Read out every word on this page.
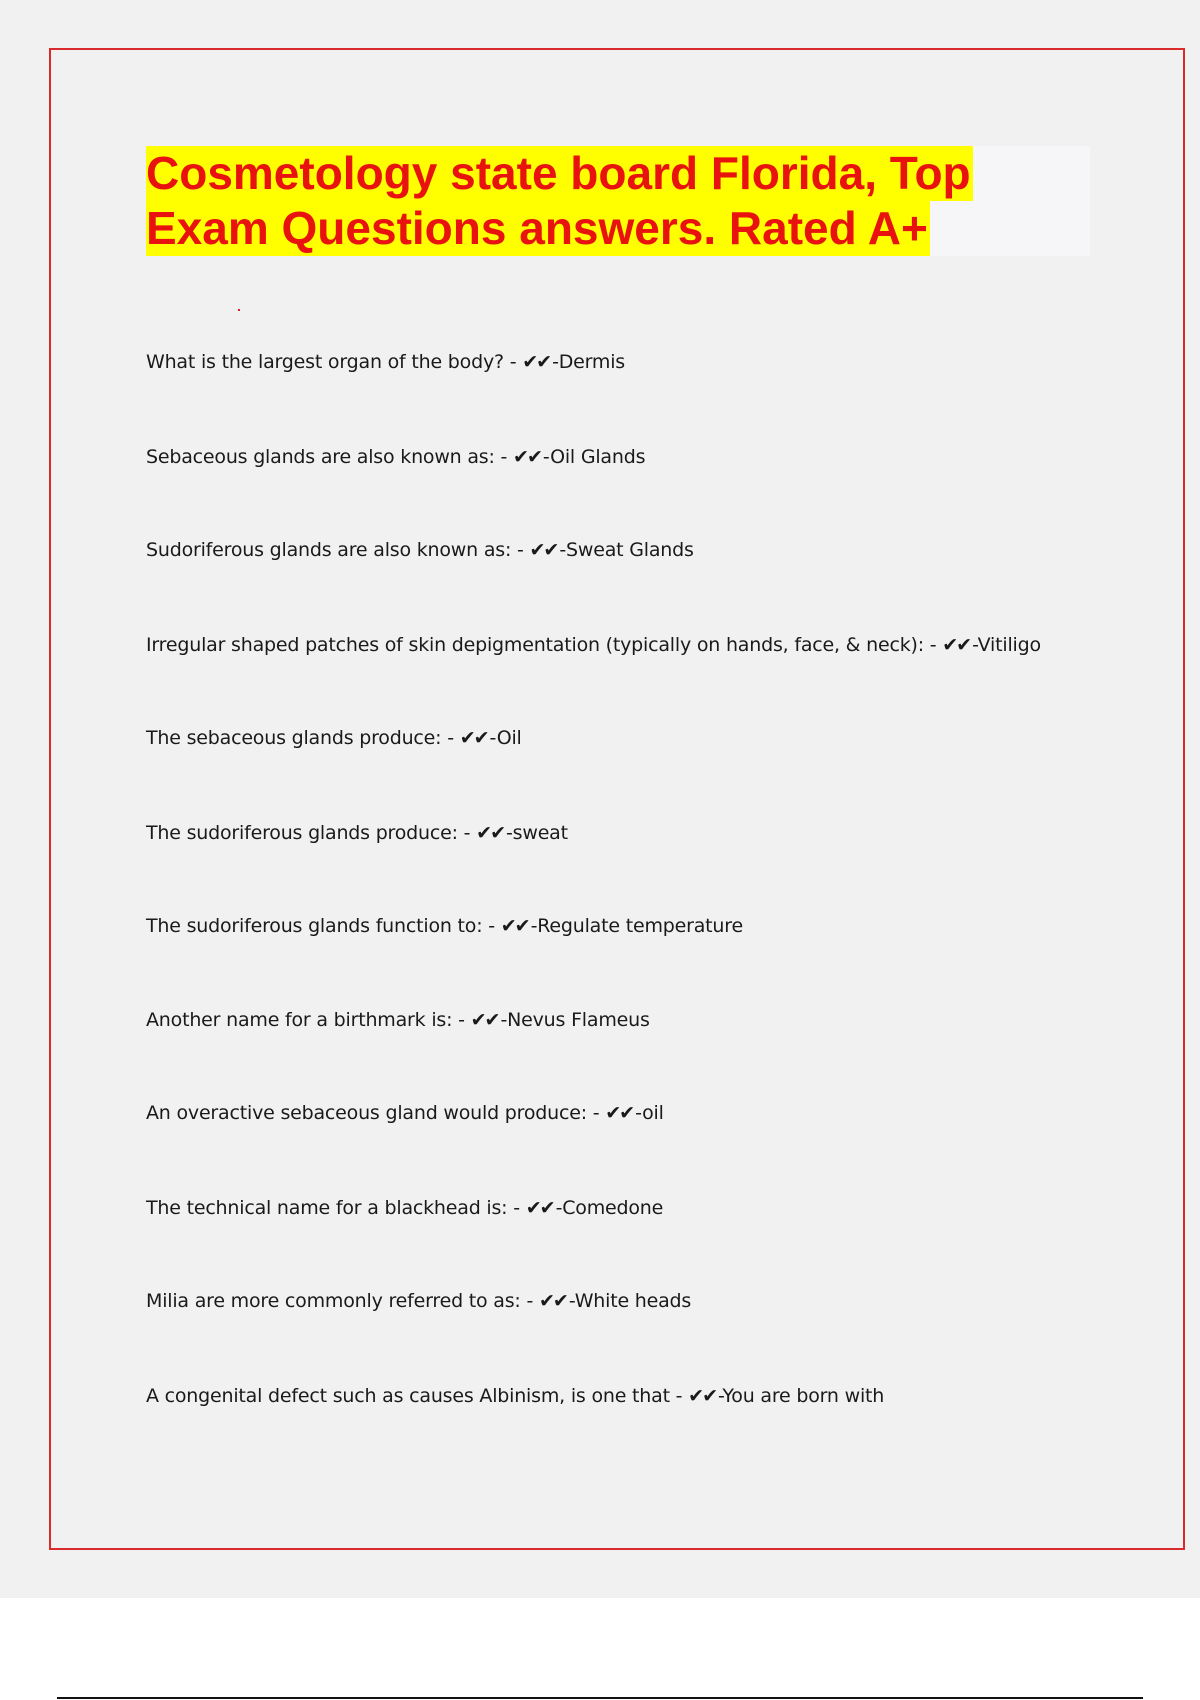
Cosmetology state board Florida, Top
Exam Questions answers. Rated A+

What is the largest organ of the body? - ✔✔ -Dermis

Sebaceous glands are also known as: - ✔✔ -Oil Glands

Sudoriferous glands are also known as: - ✔✔ -Sweat Glands

Irregular shaped patches of skin depigmentation (typically on hands, face, & neck): - ✔✔ -Vitiligo

The sebaceous glands produce: - ✔✔ -Oil

The sudoriferous glands produce: - ✔✔ -sweat

The sudoriferous glands function to: - ✔✔ -Regulate temperature

Another name for a birthmark is: - ✔✔ -Nevus Flameus

An overactive sebaceous gland would produce: - ✔✔ -oil

The technical name for a blackhead is: - ✔✔ -Comedone

Milia are more commonly referred to as: - ✔✔ -White heads

A congenital defect such as causes Albinism, is one that - ✔✔ -You are born with
